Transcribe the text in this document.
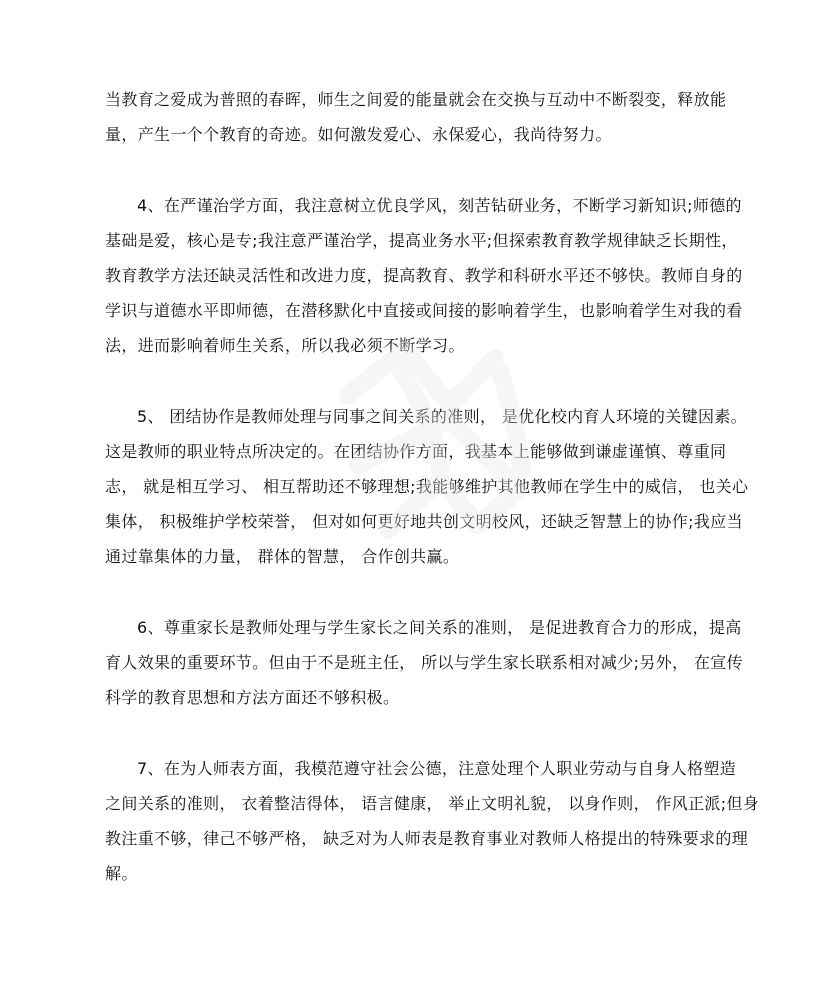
当教育之爱成为普照的春晖，师生之间爱的能量就会在交换与互动中不断裂变，释放能
量，产生一个个教育的奇迹。如何激发爱心、永保爱心，我尚待努力。
4、在严谨治学方面，我注意树立优良学风，刻苦钻研业务，不断学习新知识;师德的
基础是爱，核心是专;我注意严谨治学，提高业务水平;但探索教育教学规律缺乏长期性，
教育教学方法还缺灵活性和改进力度，提高教育、教学和科研水平还不够快。教师自身的
学识与道德水平即师德，在潜移默化中直接或间接的影响着学生，也影响着学生对我的看
法，进而影响着师生关系，所以我必须不断学习。
5、 团结协作是教师处理与同事之间关系的准则， 是优化校内育人环境的关键因素。
这是教师的职业特点所决定的。在团结协作方面，我基本上能够做到谦虚谨慎、尊重同
志， 就是相互学习、 相互帮助还不够理想;我能够维护其他教师在学生中的威信， 也关心
集体， 积极维护学校荣誉， 但对如何更好地共创文明校风，还缺乏智慧上的协作;我应当
通过靠集体的力量， 群体的智慧， 合作创共赢。
6、尊重家长是教师处理与学生家长之间关系的准则， 是促进教育合力的形成，提高
育人效果的重要环节。但由于不是班主任， 所以与学生家长联系相对减少;另外， 在宣传
科学的教育思想和方法方面还不够积极。
7、在为人师表方面，我模范遵守社会公德，注意处理个人职业劳动与自身人格塑造
之间关系的准则， 衣着整洁得体， 语言健康， 举止文明礼貌， 以身作则， 作风正派;但身
教注重不够，律己不够严格， 缺乏对为人师表是教育事业对教师人格提出的特殊要求的理
解。
